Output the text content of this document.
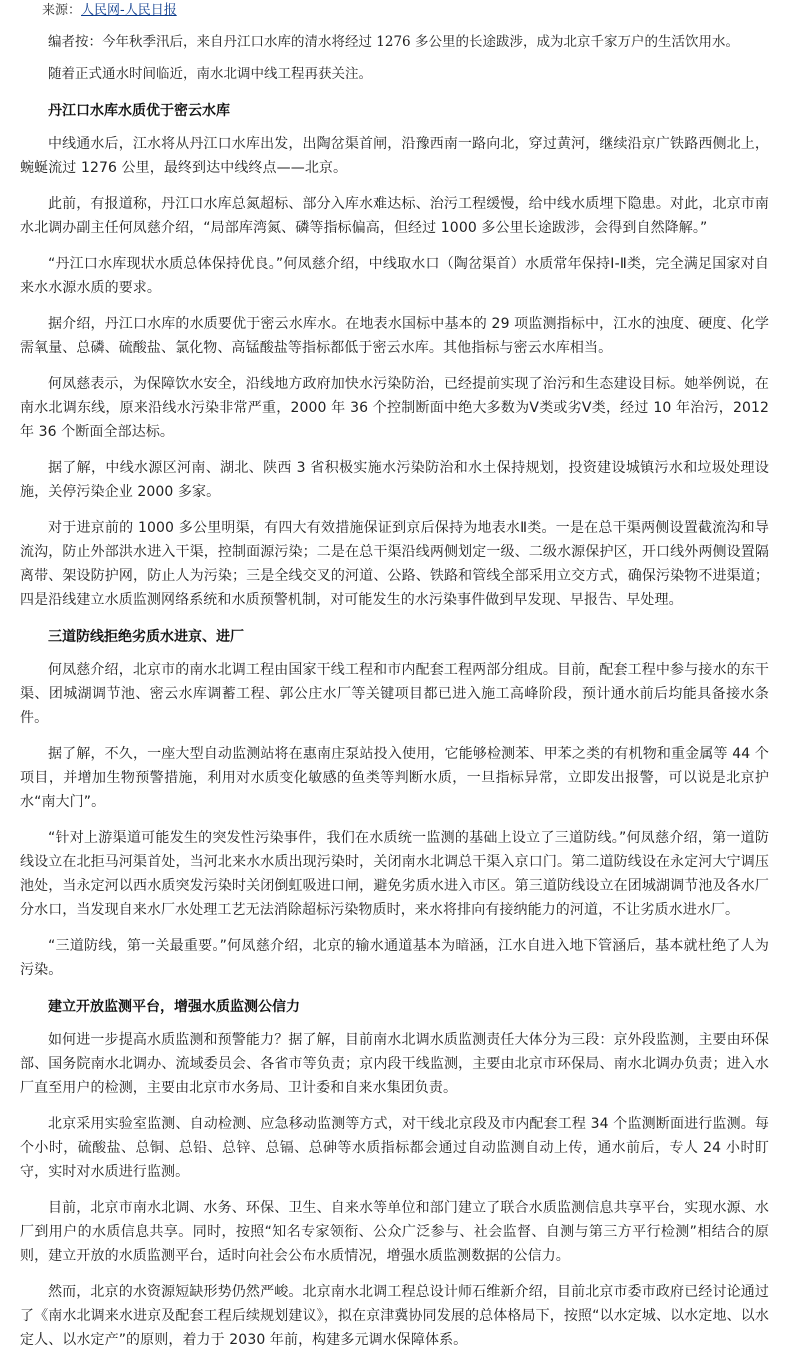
来源：人民网-人民日报

编者按：今年秋季汛后，来自丹江口水库的清水将经过 1276 多公里的长途跋涉，成为北京千家万户的生活饮用水。

随着正式通水时间临近，南水北调中线工程再获关注。

丹江口水库水质优于密云水库

中线通水后，江水将从丹江口水库出发，出陶岔渠首闸，沿豫西南一路向北，穿过黄河，继续沿京广铁路西侧北上，蜿蜒流过 1276 公里，最终到达中线终点——北京。

此前，有报道称，丹江口水库总氮超标、部分入库水难达标、治污工程缓慢，给中线水质埋下隐患。对此，北京市南水北调办副主任何凤慈介绍，“局部库湾氮、磷等指标偏高，但经过 1000 多公里长途跋涉，会得到自然降解。”

“丹江口水库现状水质总体保持优良。”何凤慈介绍，中线取水口（陶岔渠首）水质常年保持Ⅰ-Ⅱ类，完全满足国家对自来水水源水质的要求。

据介绍，丹江口水库的水质要优于密云水库水。在地表水国标中基本的 29 项监测指标中，江水的浊度、硬度、化学需氧量、总磷、硫酸盐、氯化物、高锰酸盐等指标都低于密云水库。其他指标与密云水库相当。

何凤慈表示，为保障饮水安全，沿线地方政府加快水污染防治，已经提前实现了治污和生态建设目标。她举例说，在南水北调东线，原来沿线水污染非常严重，2000 年 36 个控制断面中绝大多数为Ⅴ类或劣Ⅴ类，经过 10 年治污，2012 年 36 个断面全部达标。

据了解，中线水源区河南、湖北、陕西 3 省积极实施水污染防治和水土保持规划，投资建设城镇污水和垃圾处理设施，关停污染企业 2000 多家。

对于进京前的 1000 多公里明渠，有四大有效措施保证到京后保持为地表水Ⅱ类。一是在总干渠两侧设置截流沟和导流沟，防止外部洪水进入干渠，控制面源污染；二是在总干渠沿线两侧划定一级、二级水源保护区，开口线外两侧设置隔离带、架设防护网，防止人为污染；三是全线交叉的河道、公路、铁路和管线全部采用立交方式，确保污染物不进渠道；四是沿线建立水质监测网络系统和水质预警机制，对可能发生的水污染事件做到早发现、早报告、早处理。

三道防线拒绝劣质水进京、进厂

何凤慈介绍，北京市的南水北调工程由国家干线工程和市内配套工程两部分组成。目前，配套工程中参与接水的东干渠、团城湖调节池、密云水库调蓄工程、郭公庄水厂等关键项目都已进入施工高峰阶段，预计通水前后均能具备接水条件。

据了解，不久，一座大型自动监测站将在惠南庄泵站投入使用，它能够检测苯、甲苯之类的有机物和重金属等 44 个项目，并增加生物预警措施，利用对水质变化敏感的鱼类等判断水质，一旦指标异常，立即发出报警，可以说是北京护水“南大门”。

“针对上游渠道可能发生的突发性污染事件，我们在水质统一监测的基础上设立了三道防线。”何凤慈介绍，第一道防线设立在北拒马河渠首处，当河北来水水质出现污染时，关闭南水北调总干渠入京口门。第二道防线设在永定河大宁调压池处，当永定河以西水质突发污染时关闭倒虹吸进口闸，避免劣质水进入市区。第三道防线设立在团城湖调节池及各水厂分水口，当发现自来水厂水处理工艺无法消除超标污染物质时，来水将排向有接纳能力的河道，不让劣质水进水厂。

“三道防线，第一关最重要。”何凤慈介绍，北京的输水通道基本为暗涵，江水自进入地下管涵后，基本就杜绝了人为污染。

建立开放监测平台，增强水质监测公信力

如何进一步提高水质监测和预警能力？据了解，目前南水北调水质监测责任大体分为三段：京外段监测，主要由环保部、国务院南水北调办、流域委员会、各省市等负责；京内段干线监测，主要由北京市环保局、南水北调办负责；进入水厂直至用户的检测，主要由北京市水务局、卫计委和自来水集团负责。

北京采用实验室监测、自动检测、应急移动监测等方式，对干线北京段及市内配套工程 34 个监测断面进行监测。每个小时，硫酸盐、总铜、总铅、总锌、总镉、总砷等水质指标都会通过自动监测自动上传，通水前后，专人 24 小时盯守，实时对水质进行监测。

目前，北京市南水北调、水务、环保、卫生、自来水等单位和部门建立了联合水质监测信息共享平台，实现水源、水厂到用户的水质信息共享。同时，按照“知名专家领衔、公众广泛参与、社会监督、自测与第三方平行检测”相结合的原则，建立开放的水质监测平台，适时向社会公布水质情况，增强水质监测数据的公信力。

然而，北京的水资源短缺形势仍然严峻。北京南水北调工程总设计师石维新介绍，目前北京市委市政府已经讨论通过了《南水北调来水进京及配套工程后续规划建议》，拟在京津冀协同发展的总体格局下，按照“以水定城、以水定地、以水定人、以水定产”的原则，着力于 2030 年前，构建多元调水保障体系。
